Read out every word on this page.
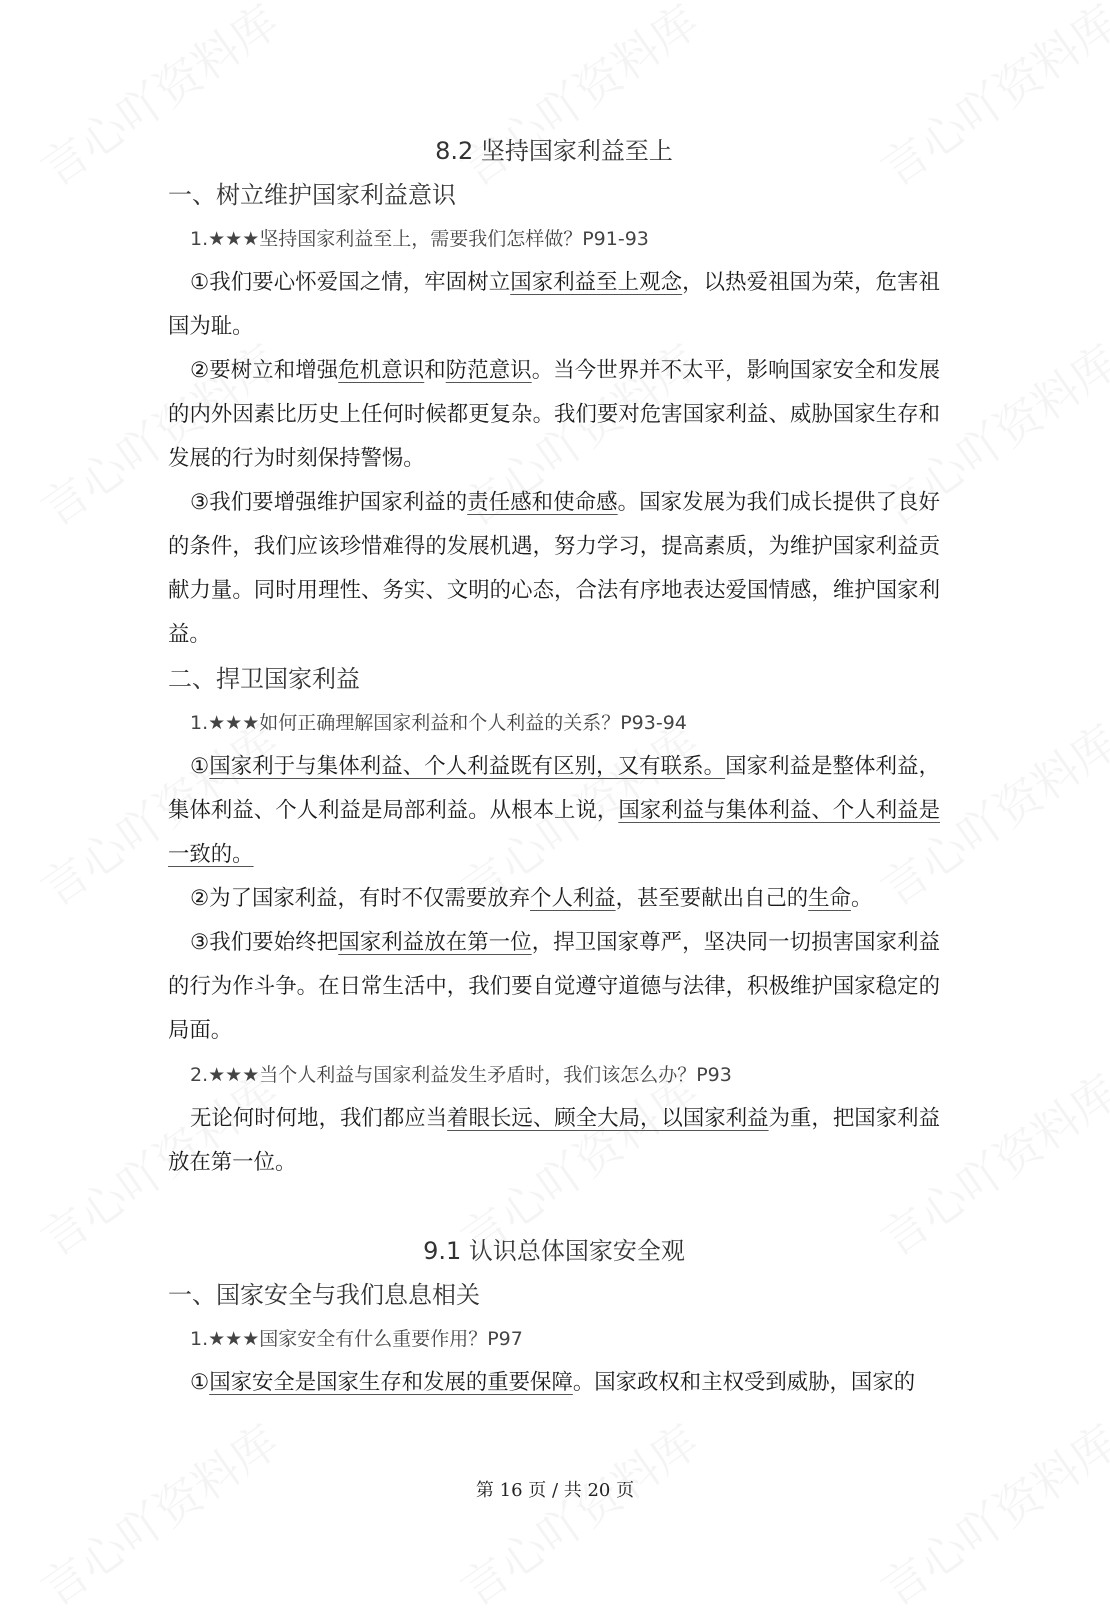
8.2 坚持国家利益至上

一、树立维护国家利益意识

1.★★★坚持国家利益至上，需要我们怎样做？P91-93

①我们要心怀爱国之情，牢固树立国家利益至上观念，以热爱祖国为荣，危害祖国为耻。

②要树立和增强危机意识和防范意识。当今世界并不太平，影响国家安全和发展的内外因素比历史上任何时候都更复杂。我们要对危害国家利益、威胁国家生存和发展的行为时刻保持警惕。

③我们要增强维护国家利益的责任感和使命感。国家发展为我们成长提供了良好的条件，我们应该珍惜难得的发展机遇，努力学习，提高素质，为维护国家利益贡献力量。同时用理性、务实、文明的心态，合法有序地表达爱国情感，维护国家利益。

二、捍卫国家利益

1.★★★如何正确理解国家利益和个人利益的关系？P93-94

①国家利于与集体利益、个人利益既有区别，又有联系。国家利益是整体利益，集体利益、个人利益是局部利益。从根本上说，国家利益与集体利益、个人利益是一致的。

②为了国家利益，有时不仅需要放弃个人利益，甚至要献出自己的生命。

③我们要始终把国家利益放在第一位，捍卫国家尊严，坚决同一切损害国家利益的行为作斗争。在日常生活中，我们要自觉遵守道德与法律，积极维护国家稳定的局面。

2.★★★当个人利益与国家利益发生矛盾时，我们该怎么办？P93

无论何时何地，我们都应当着眼长远、顾全大局，以国家利益为重，把国家利益放在第一位。

9.1 认识总体国家安全观

一、国家安全与我们息息相关

1.★★★国家安全有什么重要作用？P97

①国家安全是国家生存和发展的重要保障。国家政权和主权受到威胁，国家的

第 16 页 / 共 20 页
